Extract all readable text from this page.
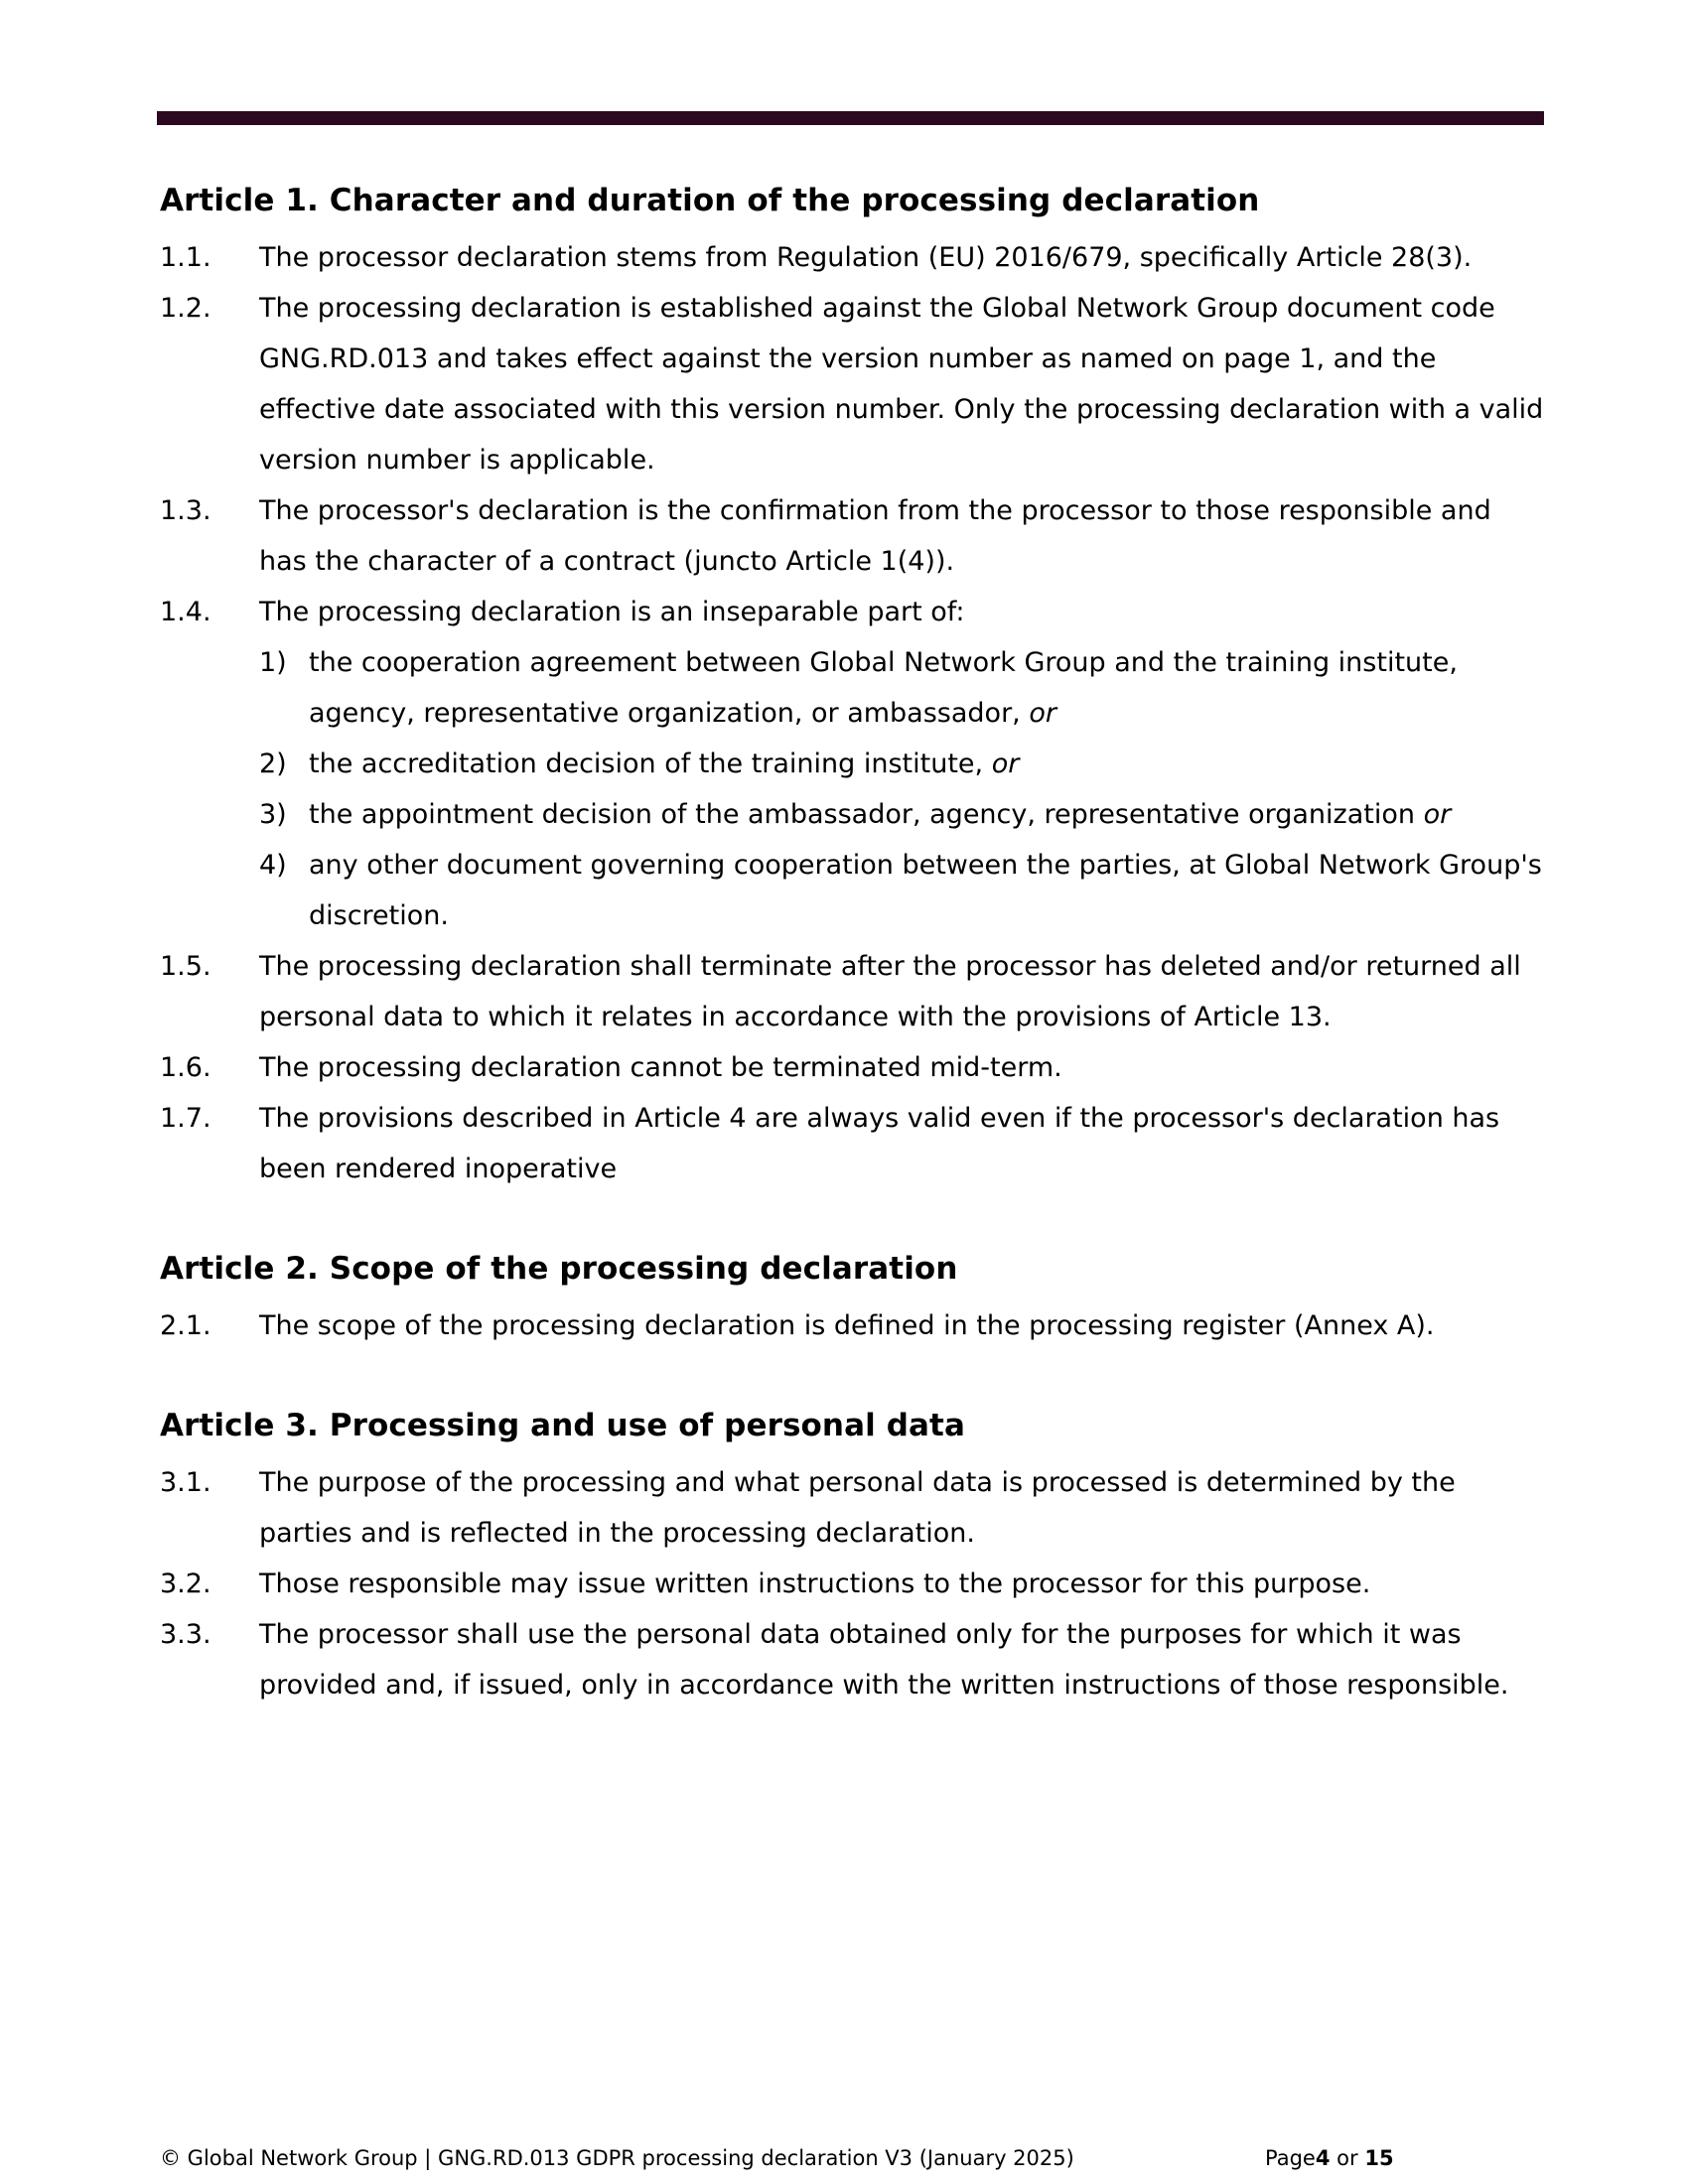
Article 1. Character and duration of the processing declaration
1.1. The processor declaration stems from Regulation (EU) 2016/679, specifically Article 28(3).
1.2. The processing declaration is established against the Global Network Group document code GNG.RD.013 and takes effect against the version number as named on page 1, and the effective date associated with this version number. Only the processing declaration with a valid version number is applicable.
1.3. The processor's declaration is the confirmation from the processor to those responsible and has the character of a contract (juncto Article 1(4)).
1.4. The processing declaration is an inseparable part of:
1) the cooperation agreement between Global Network Group and the training institute, agency, representative organization, or ambassador, or
2) the accreditation decision of the training institute, or
3) the appointment decision of the ambassador, agency, representative organization or
4) any other document governing cooperation between the parties, at Global Network Group's discretion.
1.5. The processing declaration shall terminate after the processor has deleted and/or returned all personal data to which it relates in accordance with the provisions of Article 13.
1.6. The processing declaration cannot be terminated mid-term.
1.7. The provisions described in Article 4 are always valid even if the processor's declaration has been rendered inoperative
Article 2. Scope of the processing declaration
2.1. The scope of the processing declaration is defined in the processing register (Annex A).
Article 3. Processing and use of personal data
3.1. The purpose of the processing and what personal data is processed is determined by the parties and is reflected in the processing declaration.
3.2. Those responsible may issue written instructions to the processor for this purpose.
3.3. The processor shall use the personal data obtained only for the purposes for which it was provided and, if issued, only in accordance with the written instructions of those responsible.
© Global Network Group | GNG.RD.013 GDPR processing declaration V3 (January 2025)	Page4 or 15
